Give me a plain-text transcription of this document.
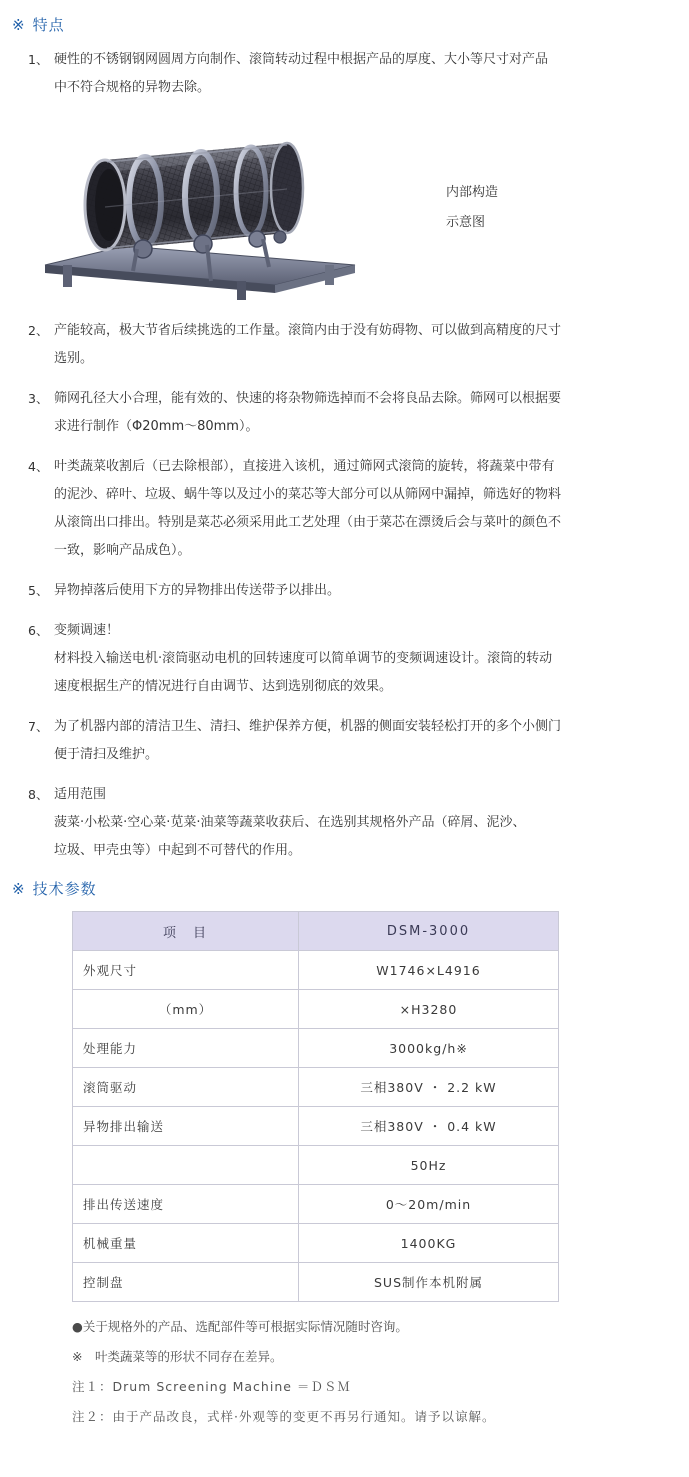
※ 特点
1、 硬性的不锈钢钢网圆周方向制作、滚筒转动过程中根据产品的厚度、大小等尺寸对产品

中不符合规格的异物去除。

内部构造
示意图
2、 产能较高，极大节省后续挑选的工作量。滚筒内由于没有妨碍物、可以做到高精度的尺寸

选别。

3、 筛网孔径大小合理，能有效的、快速的将杂物筛选掉而不会将良品去除。筛网可以根据要

求进行制作（Φ20mm～80mm）。

4、 叶类蔬菜收割后（已去除根部），直接进入该机，通过筛网式滚筒的旋转，将蔬菜中带有

的泥沙、碎叶、垃圾、蜗牛等以及过小的菜芯等大部分可以从筛网中漏掉，筛选好的物料

从滚筒出口排出。特别是菜芯必须采用此工艺处理（由于菜芯在漂烫后会与菜叶的颜色不

一致，影响产品成色）。

5、 异物掉落后使用下方的异物排出传送带予以排出。

6、 变频调速！

材料投入输送电机·滚筒驱动电机的回转速度可以简单调节的变频调速设计。滚筒的转动

速度根据生产的情况进行自由调节、达到选别彻底的效果。

7、 为了机器内部的清洁卫生、清扫、维护保养方便，机器的侧面安装轻松打开的多个小侧门

便于清扫及维护。

8、 适用范围

菠菜·小松菜·空心菜·苋菜·油菜等蔬菜收获后、在选别其规格外产品（碎屑、泥沙、

垃圾、甲壳虫等）中起到不可替代的作用。

※ 技术参数
项　目	DSM-3000
外观尺寸	W1746×L4916
（mm）	×H3280
处理能力	3000kg/h※
滚筒驱动	三相380V ・ 2.2 kW
异物排出输送	三相380V ・ 0.4 kW
	50Hz
排出传送速度	0～20m/min
机械重量	1400KG
控制盘	SUS制作本机附属
●关于规格外的产品、选配部件等可根据实际情况随时咨询。
※　叶类蔬菜等的形状不同存在差异。
注１：Drum Screening Machine ＝ＤＳＭ
注２：由于产品改良，式样·外观等的变更不再另行通知。请予以谅解。
